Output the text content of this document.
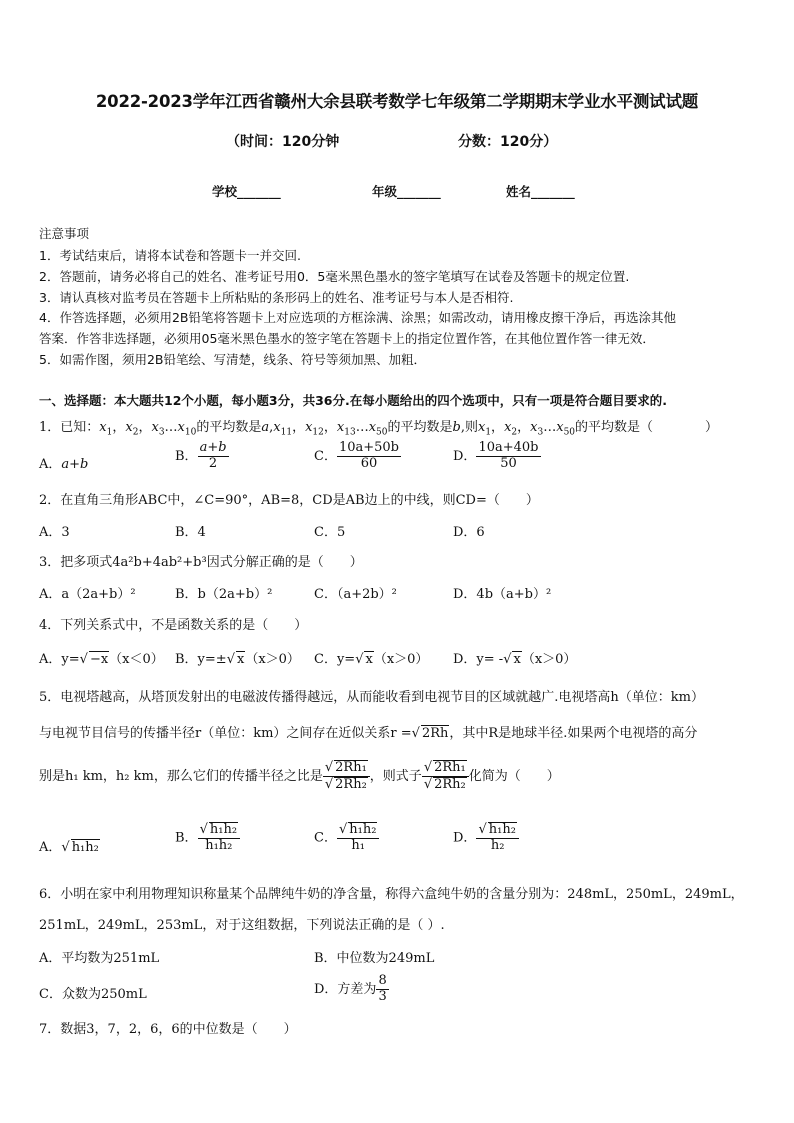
2022-2023学年江西省赣州大余县联考数学七年级第二学期期末学业水平测试试题
（时间：120分钟	分数：120分）
学校_______	年级_______	姓名_______
注意事项
1．考试结束后，请将本试卷和答题卡一并交回.
2．答题前，请务必将自己的姓名、准考证号用0．5毫米黑色墨水的签字笔填写在试卷及答题卡的规定位置.
3．请认真核对监考员在答题卡上所粘贴的条形码上的姓名、准考证号与本人是否相符.
4．作答选择题，必须用2B铅笔将答题卡上对应选项的方框涂满、涂黑；如需改动，请用橡皮擦干净后，再选涂其他
答案．作答非选择题，必须用05毫米黑色墨水的签字笔在答题卡上的指定位置作答，在其他位置作答一律无效．
5．如需作图，须用2B铅笔绘、写清楚，线条、符号等须加黑、加粗．
一、选择题：本大题共12个小题，每小题3分，共36分.在每小题给出的四个选项中，只有一项是符合题目要求的.
1．已知：$x_1$，$x_2$，$x_3\dots x_{10}$的平均数是$a,x_{11}$，$x_{12}$，$x_{13}\dots x_{50}$的平均数是b,则$x_1$，$x_2$，$x_3\dots x_{50}$的平均数是（　　　　）
A．a+b
B． $\frac{a+b}{2}$	C． $\frac{10a+50b}{60}$	D． $\frac{10a+40b}{50}$
2．在直角三角形ABC中，∠C=90°，AB=8，CD是AB边上的中线，则CD=（　　）
A．3	B．4	C．5	D．6
3．把多项式4a²b+4ab²+b³因式分解正确的是（　　）
A．a（2a+b）²	B．b（2a+b）²	C．（a+2b）²	D．4b（a+b）²
4．下列关系式中，不是函数关系的是（　　）
A．y=√ −x（x＜0） B．y=±√ x（x＞0） C．y=√ x（x＞0） D．y= -√ x（x＞0）
5．电视塔越高，从塔顶发射出的电磁波传播得越远，从而能收看到电视节目的区域就越广.电视塔高h（单位：km）
与电视节目信号的传播半径r（单位：km）之间存在近似关系r =√ 2Rh，其中R是地球半径.如果两个电视塔的高分
别是h₁ km，h₂ km，那么它们的传播半径之比是 $\frac{\text{√ 2Rh₁}}{\text{√ 2Rh₂}}$ ，则式子 $\frac{\text{√ 2Rh₁}}{\text{√ 2Rh₂}}$ 化简为（　　）
A．√ h₁h₂
B． $\frac{\text{√ h₁h₂}}{\text{h₁h₂}}$	C． $\frac{\text{√ h₁h₂}}{\text{h₁}}$	D． $\frac{\text{√ h₁h₂}}{\text{h₂}}$
6．小明在家中利用物理知识称量某个品牌纯牛奶的净含量，称得六盒纯牛奶的含量分别为：248mL，250mL，249mL，
251mL，249mL，253mL，对于这组数据，下列说法正确的是（ ）.
A．平均数为251mL	B．中位数为249mL
C．众数为250mL	D．方差为 $\frac{8}{3}$
7．数据3，7，2，6，6的中位数是（　　）
